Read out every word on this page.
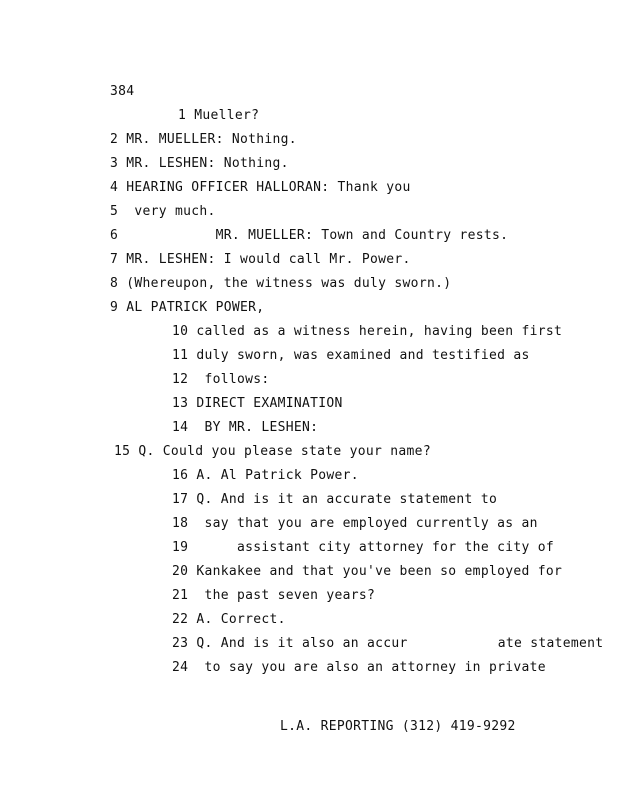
384
1 Mueller?
2 MR. MUELLER: Nothing.
3 MR. LESHEN: Nothing.
4 HEARING OFFICER HALLORAN: Thank you
5  very much.
6            MR. MUELLER: Town and Country rests.
7 MR. LESHEN: I would call Mr. Power.
8 (Whereupon, the witness was duly sworn.)
9 AL PATRICK POWER,
10 called as a witness herein, having been first
11 duly sworn, was examined and testified as
12  follows:
13 DIRECT EXAMINATION
14  BY MR. LESHEN:
15 Q. Could you please state your name?
16 A. Al Patrick Power.
17 Q. And is it an accurate statement to
18  say that you are employed currently as an
19      assistant city attorney for the city of
20 Kankakee and that you've been so employed for
21  the past seven years?
22 A. Correct.
23 Q. And is it also an accur	ate statement
24  to say you are also an attorney in private
L.A. REPORTING (312) 419-9292
